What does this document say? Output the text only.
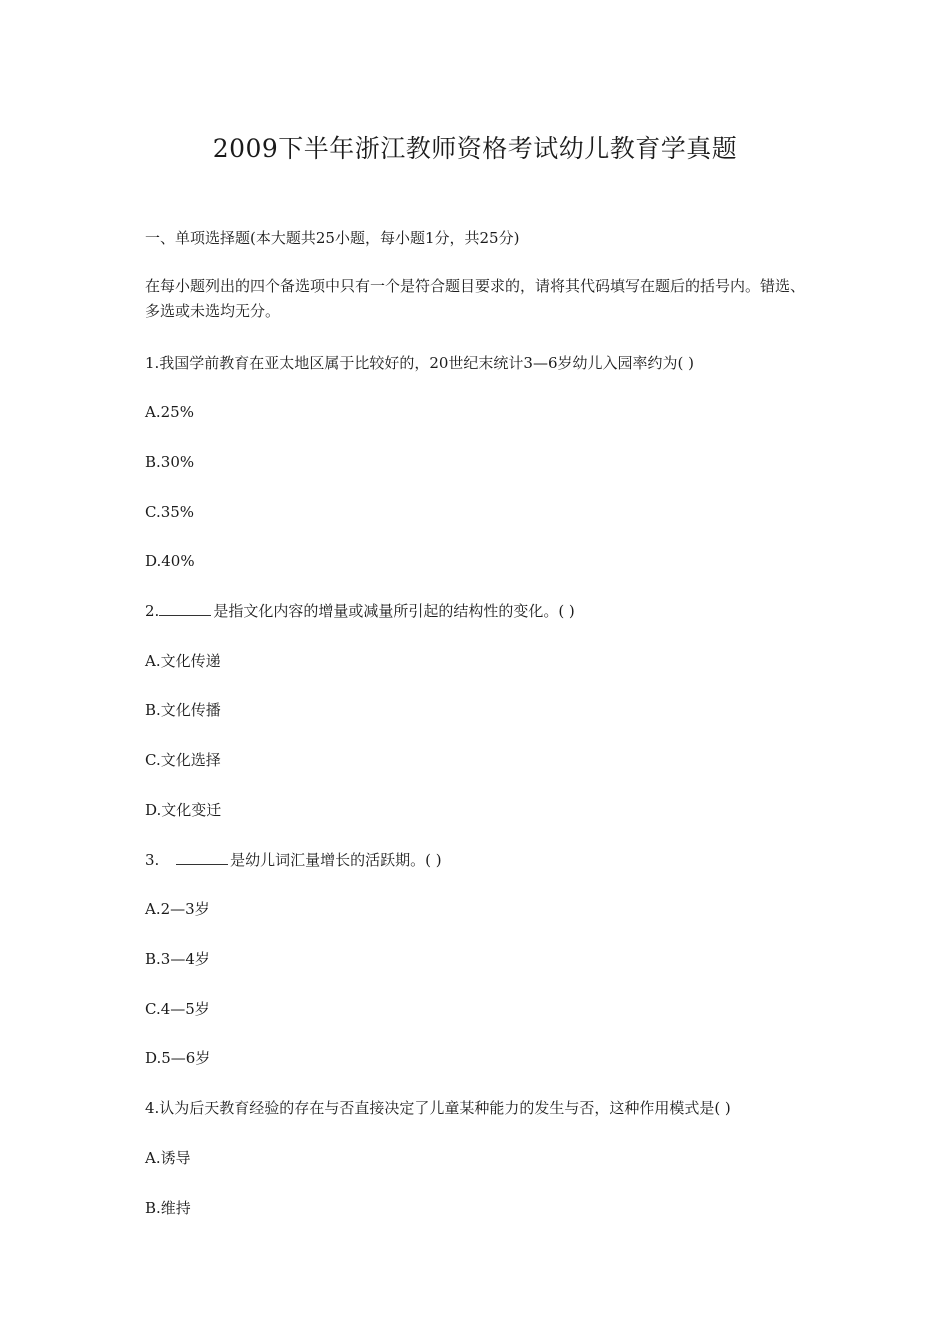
2009下半年浙江教师资格考试幼儿教育学真题
一、单项选择题(本大题共25小题，每小题1分，共25分)
在每小题列出的四个备选项中只有一个是符合题目要求的，请将其代码填写在题后的括号内。错选、多选或未选均无分。
1.我国学前教育在亚太地区属于比较好的，20世纪末统计3—6岁幼儿入园率约为( )
A.25%
B.30%
C.35%
D.40%
2.	是指文化内容的增量或减量所引起的结构性的变化。( )
A.文化传递
B.文化传播
C.文化选择
D.文化变迁
3.	是幼儿词汇量增长的活跃期。( )
A.2—3岁
B.3—4岁
C.4—5岁
D.5—6岁
4.认为后天教育经验的存在与否直接决定了儿童某种能力的发生与否，这种作用模式是( )
A.诱导
B.维持
